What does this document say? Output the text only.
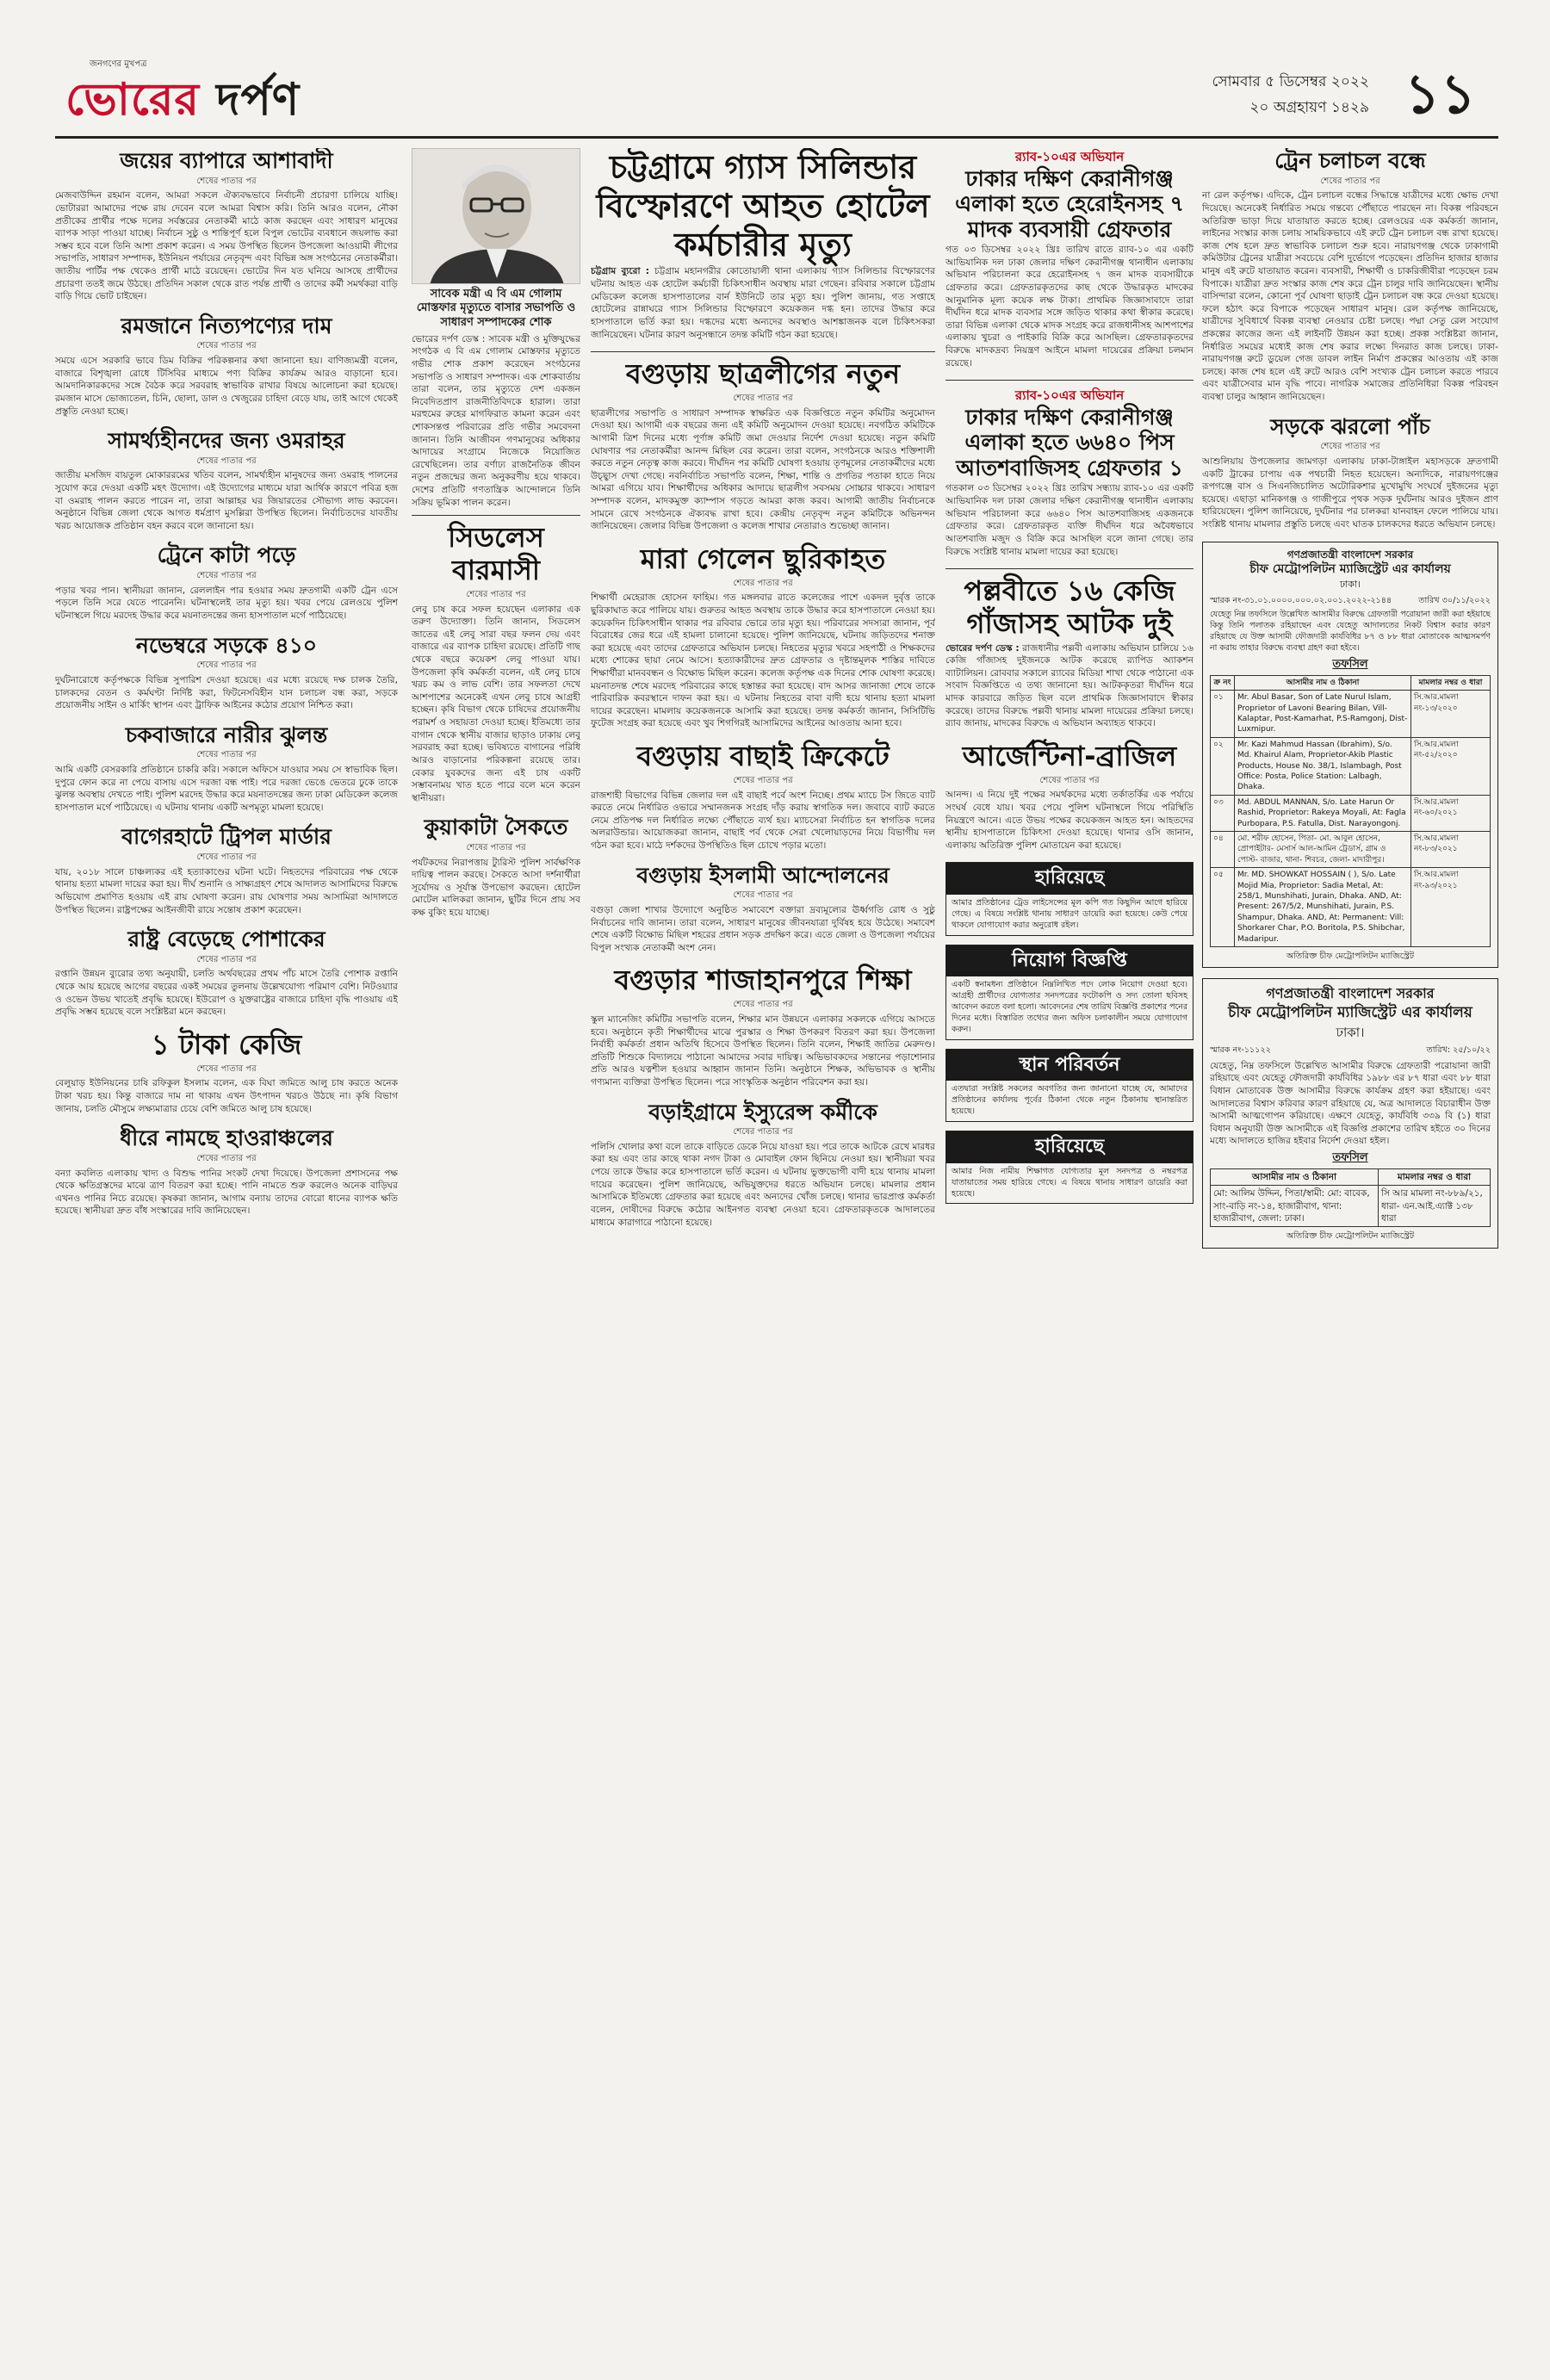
জনগণের মুখপত্র
ভোরের দর্পণ	সোমবার ৫ ডিসেম্বর ২০২২
২০ অগ্রহায়ণ ১৪২৯ ১১
জয়ের ব্যাপারে আশাবাদী
শেষের পাতার পর
মেজবাউদ্দিন রহমান বলেন, আমরা সকলে ঐক্যবদ্ধভাবে নির্বাচনী প্রচারণা চালিয়ে যাচ্ছি। ভোটাররা আমাদের পক্ষে রায় দেবেন বলে আমরা বিশ্বাস করি। তিনি আরও বলেন, নৌকা প্রতীকের প্রার্থীর পক্ষে দলের সর্বস্তরের নেতাকর্মী মাঠে কাজ করছেন এবং সাধারণ মানুষের ব্যাপক সাড়া পাওয়া যাচ্ছে। নির্বাচন সুষ্ঠু ও শান্তিপূর্ণ হলে বিপুল ভোটের ব্যবধানে জয়লাভ করা সম্ভব হবে বলে তিনি আশা প্রকাশ করেন। এ সময় উপস্থিত ছিলেন উপজেলা আওয়ামী লীগের সভাপতি, সাধারণ সম্পাদক, ইউনিয়ন পর্যায়ের নেতৃবৃন্দ এবং বিভিন্ন অঙ্গ সংগঠনের নেতাকর্মীরা। জাতীয় পার্টির পক্ষ থেকেও প্রার্থী মাঠে রয়েছেন। ভোটের দিন যত ঘনিয়ে আসছে প্রার্থীদের প্রচারণা ততই জমে উঠছে। প্রতিদিন সকাল থেকে রাত পর্যন্ত প্রার্থী ও তাদের কর্মী সমর্থকরা বাড়ি বাড়ি গিয়ে ভোট চাইছেন।
রমজানে নিত্যপণ্যের দাম
শেষের পাতার পর
সময়ে এসে সরকারি ভাবে ডিম বিক্রির পরিকল্পনার কথা জানানো হয়। বাণিজ্যমন্ত্রী বলেন, বাজারে বিশৃঙ্খলা রোধে টিসিবির মাধ্যমে পণ্য বিক্রির কার্যক্রম আরও বাড়ানো হবে। আমদানিকারকদের সঙ্গে বৈঠক করে সরবরাহ স্বাভাবিক রাখার বিষয়ে আলোচনা করা হয়েছে। রমজান মাসে ভোজ্যতেল, চিনি, ছোলা, ডাল ও খেজুরের চাহিদা বেড়ে যায়, তাই আগে থেকেই প্রস্তুতি নেওয়া হচ্ছে।
সামর্থ্যহীনদের জন্য ওমরাহর
শেষের পাতার পর
জাতীয় মসজিদ বায়তুল মোকাররমের খতিব বলেন, সামর্থ্যহীন মানুষদের জন্য ওমরাহ পালনের সুযোগ করে দেওয়া একটি মহৎ উদ্যোগ। এই উদ্যোগের মাধ্যমে যারা আর্থিক কারণে পবিত্র হজ বা ওমরাহ পালন করতে পারেন না, তারা আল্লাহর ঘর জিয়ারতের সৌভাগ্য লাভ করবেন। অনুষ্ঠানে বিভিন্ন জেলা থেকে আগত ধর্মপ্রাণ মুসল্লিরা উপস্থিত ছিলেন। নির্বাচিতদের যাবতীয় খরচ আয়োজক প্রতিষ্ঠান বহন করবে বলে জানানো হয়।
ট্রেনে কাটা পড়ে
শেষের পাতার পর
পড়ার খবর পান। স্থানীয়রা জানান, রেললাইন পার হওয়ার সময় দ্রুতগামী একটি ট্রেন এসে পড়লে তিনি সরে যেতে পারেননি। ঘটনাস্থলেই তার মৃত্যু হয়। খবর পেয়ে রেলওয়ে পুলিশ ঘটনাস্থলে গিয়ে মরদেহ উদ্ধার করে ময়নাতদন্তের জন্য হাসপাতাল মর্গে পাঠিয়েছে।
নভেম্বরে সড়কে ৪১০
শেষের পাতার পর
দুর্ঘটনারোধে কর্তৃপক্ষকে বিভিন্ন সুপারিশ দেওয়া হয়েছে। এর মধ্যে রয়েছে দক্ষ চালক তৈরি, চালকদের বেতন ও কর্মঘণ্টা নির্দিষ্ট করা, ফিটনেসবিহীন যান চলাচল বন্ধ করা, সড়কে প্রয়োজনীয় সাইন ও মার্কিং স্থাপন এবং ট্রাফিক আইনের কঠোর প্রয়োগ নিশ্চিত করা।
চকবাজারে নারীর ঝুলন্ত
শেষের পাতার পর
আমি একটি বেসরকারি প্রতিষ্ঠানে চাকরি করি। সকালে অফিসে যাওয়ার সময় সে স্বাভাবিক ছিল। দুপুরে ফোন করে না পেয়ে বাসায় এসে দরজা বন্ধ পাই। পরে দরজা ভেঙে ভেতরে ঢুকে তাকে ঝুলন্ত অবস্থায় দেখতে পাই। পুলিশ মরদেহ উদ্ধার করে ময়নাতদন্তের জন্য ঢাকা মেডিকেল কলেজ হাসপাতাল মর্গে পাঠিয়েছে। এ ঘটনায় থানায় একটি অপমৃত্যু মামলা হয়েছে।
বাগেরহাটে ট্রিপল মার্ডার
শেষের পাতার পর
যায়, ২০১৮ সালে চাঞ্চল্যকর এই হত্যাকাণ্ডের ঘটনা ঘটে। নিহতদের পরিবারের পক্ষ থেকে থানায় হত্যা মামলা দায়ের করা হয়। দীর্ঘ শুনানি ও সাক্ষ্যগ্রহণ শেষে আদালত আসামিদের বিরুদ্ধে অভিযোগ প্রমাণিত হওয়ায় এই রায় ঘোষণা করেন। রায় ঘোষণার সময় আসামিরা আদালতে উপস্থিত ছিলেন। রাষ্ট্রপক্ষের আইনজীবী রায়ে সন্তোষ প্রকাশ করেছেন।
রাষ্ট্র বেড়েছে পোশাকের
শেষের পাতার পর
রপ্তানি উন্নয়ন ব্যুরোর তথ্য অনুযায়ী, চলতি অর্থবছরের প্রথম পাঁচ মাসে তৈরি পোশাক রপ্তানি থেকে আয় হয়েছে আগের বছরের একই সময়ের তুলনায় উল্লেখযোগ্য পরিমাণ বেশি। নিটওয়্যার ও ওভেন উভয় খাতেই প্রবৃদ্ধি হয়েছে। ইউরোপ ও যুক্তরাষ্ট্রের বাজারে চাহিদা বৃদ্ধি পাওয়ায় এই প্রবৃদ্ধি সম্ভব হয়েছে বলে সংশ্লিষ্টরা মনে করছেন।
১ টাকা কেজি
শেষের পাতার পর
বেলুয়াড় ইউনিয়নের চাষি রফিকুল ইসলাম বলেন, এক বিঘা জমিতে আলু চাষ করতে অনেক টাকা খরচ হয়। কিন্তু বাজারে দাম না থাকায় এখন উৎপাদন খরচও উঠছে না। কৃষি বিভাগ জানায়, চলতি মৌসুমে লক্ষ্যমাত্রার চেয়ে বেশি জমিতে আলু চাষ হয়েছে।
ধীরে নামছে হাওরাঞ্চলের
শেষের পাতার পর
বন্যা কবলিত এলাকায় খাদ্য ও বিশুদ্ধ পানির সংকট দেখা দিয়েছে। উপজেলা প্রশাসনের পক্ষ থেকে ক্ষতিগ্রস্তদের মাঝে ত্রাণ বিতরণ করা হচ্ছে। পানি নামতে শুরু করলেও অনেক বাড়িঘর এখনও পানির নিচে রয়েছে। কৃষকরা জানান, আগাম বন্যায় তাদের বোরো ধানের ব্যাপক ক্ষতি হয়েছে। স্থানীয়রা দ্রুত বাঁধ সংস্কারের দাবি জানিয়েছেন।
সাবেক মন্ত্রী এ বি এম গোলাম মোস্তফার মৃত্যুতে বাসার সভাপতি ও সাধারণ সম্পাদকের শোক
ভোরের দর্পণ ডেস্ক : সাবেক মন্ত্রী ও মুক্তিযুদ্ধের সংগঠক এ বি এম গোলাম মোস্তফার মৃত্যুতে গভীর শোক প্রকাশ করেছেন সংগঠনের সভাপতি ও সাধারণ সম্পাদক। এক শোকবার্তায় তারা বলেন, তার মৃত্যুতে দেশ একজন নিবেদিতপ্রাণ রাজনীতিবিদকে হারাল। তারা মরহুমের রুহের মাগফিরাত কামনা করেন এবং শোকসন্তপ্ত পরিবারের প্রতি গভীর সমবেদনা জানান। তিনি আজীবন গণমানুষের অধিকার আদায়ের সংগ্রামে নিজেকে নিয়োজিত রেখেছিলেন। তার বর্ণাঢ্য রাজনৈতিক জীবন নতুন প্রজন্মের জন্য অনুকরণীয় হয়ে থাকবে। দেশের প্রতিটি গণতান্ত্রিক আন্দোলনে তিনি সক্রিয় ভূমিকা পালন করেন।
সিডলেস বারমাসী
শেষের পাতার পর
লেবু চাষ করে সফল হয়েছেন এলাকার এক তরুণ উদ্যোক্তা। তিনি জানান, সিডলেস জাতের এই লেবু সারা বছর ফলন দেয় এবং বাজারে এর ব্যাপক চাহিদা রয়েছে। প্রতিটি গাছ থেকে বছরে কয়েকশ লেবু পাওয়া যায়। উপজেলা কৃষি কর্মকর্তা বলেন, এই লেবু চাষে খরচ কম ও লাভ বেশি। তার সফলতা দেখে আশপাশের অনেকেই এখন লেবু চাষে আগ্রহী হচ্ছেন। কৃষি বিভাগ থেকে চাষিদের প্রয়োজনীয় পরামর্শ ও সহায়তা দেওয়া হচ্ছে। ইতিমধ্যে তার বাগান থেকে স্থানীয় বাজার ছাড়াও ঢাকায় লেবু সরবরাহ করা হচ্ছে। ভবিষ্যতে বাগানের পরিধি আরও বাড়ানোর পরিকল্পনা রয়েছে তার। বেকার যুবকদের জন্য এই চাষ একটি সম্ভাবনাময় খাত হতে পারে বলে মনে করেন স্থানীয়রা।
কুয়াকাটা সৈকতে
শেষের পাতার পর
পর্যটকদের নিরাপত্তায় ট্যুরিস্ট পুলিশ সার্বক্ষণিক দায়িত্ব পালন করছে। সৈকতে আসা দর্শনার্থীরা সূর্যোদয় ও সূর্যাস্ত উপভোগ করছেন। হোটেল মোটেল মালিকরা জানান, ছুটির দিনে প্রায় সব কক্ষ বুকিং হয়ে যাচ্ছে।
চট্টগ্রামে গ্যাস সিলিন্ডার বিস্ফোরণে আহত হোটেল কর্মচারীর মৃত্যু
চট্টগ্রাম ব্যুরো : চট্টগ্রাম মহানগরীর কোতোয়ালী থানা এলাকায় গ্যাস সিলিন্ডার বিস্ফোরণের ঘটনায় আহত এক হোটেল কর্মচারী চিকিৎসাধীন অবস্থায় মারা গেছেন। রবিবার সকালে চট্টগ্রাম মেডিকেল কলেজ হাসপাতালের বার্ন ইউনিটে তার মৃত্যু হয়। পুলিশ জানায়, গত সপ্তাহে হোটেলের রান্নাঘরে গ্যাস সিলিন্ডার বিস্ফোরণে কয়েকজন দগ্ধ হন। তাদের উদ্ধার করে হাসপাতালে ভর্তি করা হয়। দগ্ধদের মধ্যে অন্যদের অবস্থাও আশঙ্কাজনক বলে চিকিৎসকরা জানিয়েছেন। ঘটনার কারণ অনুসন্ধানে তদন্ত কমিটি গঠন করা হয়েছে।
বগুড়ায় ছাত্রলীগের নতুন
শেষের পাতার পর
ছাত্রলীগের সভাপতি ও সাধারণ সম্পাদক স্বাক্ষরিত এক বিজ্ঞপ্তিতে নতুন কমিটির অনুমোদন দেওয়া হয়। আগামী এক বছরের জন্য এই কমিটি অনুমোদন দেওয়া হয়েছে। নবগঠিত কমিটিকে আগামী ত্রিশ দিনের মধ্যে পূর্ণাঙ্গ কমিটি জমা দেওয়ার নির্দেশ দেওয়া হয়েছে। নতুন কমিটি ঘোষণার পর নেতাকর্মীরা আনন্দ মিছিল বের করেন। তারা বলেন, সংগঠনকে আরও শক্তিশালী করতে নতুন নেতৃত্ব কাজ করবে। দীর্ঘদিন পর কমিটি ঘোষণা হওয়ায় তৃণমূলের নেতাকর্মীদের মধ্যে উচ্ছ্বাস দেখা গেছে। নবনির্বাচিত সভাপতি বলেন, শিক্ষা, শান্তি ও প্রগতির পতাকা হাতে নিয়ে আমরা এগিয়ে যাব। শিক্ষার্থীদের অধিকার আদায়ে ছাত্রলীগ সবসময় সোচ্চার থাকবে। সাধারণ সম্পাদক বলেন, মাদকমুক্ত ক্যাম্পাস গড়তে আমরা কাজ করব। আগামী জাতীয় নির্বাচনকে সামনে রেখে সংগঠনকে ঐক্যবদ্ধ রাখা হবে। কেন্দ্রীয় নেতৃবৃন্দ নতুন কমিটিকে অভিনন্দন জানিয়েছেন। জেলার বিভিন্ন উপজেলা ও কলেজ শাখার নেতারাও শুভেচ্ছা জানান।
মারা গেলেন ছুরিকাহত
শেষের পাতার পর
শিক্ষার্থী মেহেরাজ হোসেন ফাহিম। গত মঙ্গলবার রাতে কলেজের পাশে একদল দুর্বৃত্ত তাকে ছুরিকাঘাত করে পালিয়ে যায়। গুরুতর আহত অবস্থায় তাকে উদ্ধার করে হাসপাতালে নেওয়া হয়। কয়েকদিন চিকিৎসাধীন থাকার পর রবিবার ভোরে তার মৃত্যু হয়। পরিবারের সদস্যরা জানান, পূর্ব বিরোধের জের ধরে এই হামলা চালানো হয়েছে। পুলিশ জানিয়েছে, ঘটনায় জড়িতদের শনাক্ত করা হয়েছে এবং তাদের গ্রেফতারে অভিযান চলছে। নিহতের মৃত্যুর খবরে সহপাঠী ও শিক্ষকদের মধ্যে শোকের ছায়া নেমে আসে। হত্যাকারীদের দ্রুত গ্রেফতার ও দৃষ্টান্তমূলক শাস্তির দাবিতে শিক্ষার্থীরা মানববন্ধন ও বিক্ষোভ মিছিল করেন। কলেজ কর্তৃপক্ষ এক দিনের শোক ঘোষণা করেছে। ময়নাতদন্ত শেষে মরদেহ পরিবারের কাছে হস্তান্তর করা হয়েছে। বাদ আসর জানাজা শেষে তাকে পারিবারিক কবরস্থানে দাফন করা হয়। এ ঘটনায় নিহতের বাবা বাদী হয়ে থানায় হত্যা মামলা দায়ের করেছেন। মামলায় কয়েকজনকে আসামি করা হয়েছে। তদন্ত কর্মকর্তা জানান, সিসিটিভি ফুটেজ সংগ্রহ করা হয়েছে এবং খুব শিগগিরই আসামিদের আইনের আওতায় আনা হবে।
বগুড়ায় বাছাই ক্রিকেটে
শেষের পাতার পর
রাজশাহী বিভাগের বিভিন্ন জেলার দল এই বাছাই পর্বে অংশ নিচ্ছে। প্রথম ম্যাচে টস জিতে ব্যাট করতে নেমে নির্ধারিত ওভারে সম্মানজনক সংগ্রহ দাঁড় করায় স্বাগতিক দল। জবাবে ব্যাট করতে নেমে প্রতিপক্ষ দল নির্ধারিত লক্ষ্যে পৌঁছাতে ব্যর্থ হয়। ম্যাচসেরা নির্বাচিত হন স্বাগতিক দলের অলরাউন্ডার। আয়োজকরা জানান, বাছাই পর্ব থেকে সেরা খেলোয়াড়দের নিয়ে বিভাগীয় দল গঠন করা হবে। মাঠে দর্শকদের উপস্থিতিও ছিল চোখে পড়ার মতো।
বগুড়ায় ইসলামী আন্দোলনের
শেষের পাতার পর
বগুড়া জেলা শাখার উদ্যোগে অনুষ্ঠিত সমাবেশে বক্তারা দ্রব্যমূল্যের ঊর্ধ্বগতি রোধ ও সুষ্ঠু নির্বাচনের দাবি জানান। তারা বলেন, সাধারণ মানুষের জীবনযাত্রা দুর্বিষহ হয়ে উঠেছে। সমাবেশ শেষে একটি বিক্ষোভ মিছিল শহরের প্রধান সড়ক প্রদক্ষিণ করে। এতে জেলা ও উপজেলা পর্যায়ের বিপুল সংখ্যক নেতাকর্মী অংশ নেন।
বগুড়ার শাজাহানপুরে শিক্ষা
শেষের পাতার পর
স্কুল ম্যানেজিং কমিটির সভাপতি বলেন, শিক্ষার মান উন্নয়নে এলাকার সকলকে এগিয়ে আসতে হবে। অনুষ্ঠানে কৃতী শিক্ষার্থীদের মাঝে পুরস্কার ও শিক্ষা উপকরণ বিতরণ করা হয়। উপজেলা নির্বাহী কর্মকর্তা প্রধান অতিথি হিসেবে উপস্থিত ছিলেন। তিনি বলেন, শিক্ষাই জাতির মেরুদণ্ড। প্রতিটি শিশুকে বিদ্যালয়ে পাঠানো আমাদের সবার দায়িত্ব। অভিভাবকদের সন্তানের পড়াশোনার প্রতি আরও যত্নশীল হওয়ার আহ্বান জানান তিনি। অনুষ্ঠানে শিক্ষক, অভিভাবক ও স্থানীয় গণ্যমান্য ব্যক্তিরা উপস্থিত ছিলেন। পরে সাংস্কৃতিক অনুষ্ঠান পরিবেশন করা হয়।
বড়াইগ্রামে ইস্যুরেন্স কর্মীকে
শেষের পাতার পর
পলিসি খোলার কথা বলে তাকে বাড়িতে ডেকে নিয়ে যাওয়া হয়। পরে তাকে আটকে রেখে মারধর করা হয় এবং তার কাছে থাকা নগদ টাকা ও মোবাইল ফোন ছিনিয়ে নেওয়া হয়। স্থানীয়রা খবর পেয়ে তাকে উদ্ধার করে হাসপাতালে ভর্তি করেন। এ ঘটনায় ভুক্তভোগী বাদী হয়ে থানায় মামলা দায়ের করেছেন। পুলিশ জানিয়েছে, অভিযুক্তদের ধরতে অভিযান চলছে। মামলার প্রধান আসামিকে ইতিমধ্যে গ্রেফতার করা হয়েছে এবং অন্যদের খোঁজ চলছে। থানার ভারপ্রাপ্ত কর্মকর্তা বলেন, দোষীদের বিরুদ্ধে কঠোর আইনগত ব্যবস্থা নেওয়া হবে। গ্রেফতারকৃতকে আদালতের মাধ্যমে কারাগারে পাঠানো হয়েছে।
র‍্যাব-১০এর অভিযান
ঢাকার দক্ষিণ কেরানীগঞ্জ এলাকা হতে হেরোইনসহ ৭ মাদক ব্যবসায়ী গ্রেফতার
গত ০৩ ডিসেম্বর ২০২২ খ্রিঃ তারিখ রাতে র‍্যাব-১০ এর একটি আভিযানিক দল ঢাকা জেলার দক্ষিণ কেরানীগঞ্জ থানাধীন এলাকায় অভিযান পরিচালনা করে হেরোইনসহ ৭ জন মাদক ব্যবসায়ীকে গ্রেফতার করে। গ্রেফতারকৃতদের কাছ থেকে উদ্ধারকৃত মাদকের আনুমানিক মূল্য কয়েক লক্ষ টাকা। প্রাথমিক জিজ্ঞাসাবাদে তারা দীর্ঘদিন ধরে মাদক ব্যবসার সঙ্গে জড়িত থাকার কথা স্বীকার করেছে। তারা বিভিন্ন এলাকা থেকে মাদক সংগ্রহ করে রাজধানীসহ আশপাশের এলাকায় খুচরা ও পাইকারি বিক্রি করে আসছিল। গ্রেফতারকৃতদের বিরুদ্ধে মাদকদ্রব্য নিয়ন্ত্রণ আইনে মামলা দায়েরের প্রক্রিয়া চলমান রয়েছে।
র‍্যাব-১০এর অভিযান
ঢাকার দক্ষিণ কেরানীগঞ্জ এলাকা হতে ৬৬৪০ পিস আতশবাজিসহ গ্রেফতার ১
গতকাল ০৩ ডিসেম্বর ২০২২ খ্রিঃ তারিখ সন্ধ্যায় র‍্যাব-১০ এর একটি আভিযানিক দল ঢাকা জেলার দক্ষিণ কেরানীগঞ্জ থানাধীন এলাকায় অভিযান পরিচালনা করে ৬৬৪০ পিস আতশবাজিসহ একজনকে গ্রেফতার করে। গ্রেফতারকৃত ব্যক্তি দীর্ঘদিন ধরে অবৈধভাবে আতশবাজি মজুদ ও বিক্রি করে আসছিল বলে জানা গেছে। তার বিরুদ্ধে সংশ্লিষ্ট থানায় মামলা দায়ের করা হয়েছে।
পল্লবীতে ১৬ কেজি গাঁজাসহ আটক দুই
ভোরের দর্পণ ডেস্ক : রাজধানীর পল্লবী এলাকায় অভিযান চালিয়ে ১৬ কেজি গাঁজাসহ দুইজনকে আটক করেছে র‍্যাপিড অ্যাকশন ব্যাটালিয়ন। রোববার সকালে র‍্যাবের মিডিয়া শাখা থেকে পাঠানো এক সংবাদ বিজ্ঞপ্তিতে এ তথ্য জানানো হয়। আটককৃতরা দীর্ঘদিন ধরে মাদক কারবারে জড়িত ছিল বলে প্রাথমিক জিজ্ঞাসাবাদে স্বীকার করেছে। তাদের বিরুদ্ধে পল্লবী থানায় মামলা দায়েরের প্রক্রিয়া চলছে। র‍্যাব জানায়, মাদকের বিরুদ্ধে এ অভিযান অব্যাহত থাকবে।
আর্জেন্টিনা-ব্রাজিল
শেষের পাতার পর
আনন্দ। এ নিয়ে দুই পক্ষের সমর্থকদের মধ্যে তর্কাতর্কির এক পর্যায়ে সংঘর্ষ বেধে যায়। খবর পেয়ে পুলিশ ঘটনাস্থলে গিয়ে পরিস্থিতি নিয়ন্ত্রণে আনে। এতে উভয় পক্ষের কয়েকজন আহত হন। আহতদের স্থানীয় হাসপাতালে চিকিৎসা দেওয়া হয়েছে। থানার ওসি জানান, এলাকায় অতিরিক্ত পুলিশ মোতায়েন করা হয়েছে।
হারিয়েছে
আমার প্রতিষ্ঠানের ট্রেড লাইসেন্সের মূল কপি গত কিছুদিন আগে হারিয়ে গেছে। এ বিষয়ে সংশ্লিষ্ট থানায় সাধারণ ডায়েরি করা হয়েছে। কেউ পেয়ে থাকলে যোগাযোগ করার অনুরোধ রইল।
নিয়োগ বিজ্ঞপ্তি
একটি স্বনামধন্য প্রতিষ্ঠানে নিম্নলিখিত পদে লোক নিয়োগ দেওয়া হবে। আগ্রহী প্রার্থীদের যোগ্যতার সনদপত্রের ফটোকপি ও সদ্য তোলা ছবিসহ আবেদন করতে বলা হলো। আবেদনের শেষ তারিখ বিজ্ঞপ্তি প্রকাশের পনের দিনের মধ্যে। বিস্তারিত তথ্যের জন্য অফিস চলাকালীন সময়ে যোগাযোগ করুন।
স্থান পরিবর্তন
এতদ্বারা সংশ্লিষ্ট সকলের অবগতির জন্য জানানো যাচ্ছে যে, আমাদের প্রতিষ্ঠানের কার্যালয় পূর্বের ঠিকানা থেকে নতুন ঠিকানায় স্থানান্তরিত হয়েছে।
হারিয়েছে
আমার নিজ নামীয় শিক্ষাগত যোগ্যতার মূল সনদপত্র ও নম্বরপত্র যাতায়াতের সময় হারিয়ে গেছে। এ বিষয়ে থানায় সাধারণ ডায়েরি করা হয়েছে।
ট্রেন চলাচল বন্ধে
শেষের পাতার পর
না রেল কর্তৃপক্ষ। এদিকে, ট্রেন চলাচল বন্ধের সিদ্ধান্তে যাত্রীদের মধ্যে ক্ষোভ দেখা দিয়েছে। অনেকেই নির্ধারিত সময়ে গন্তব্যে পৌঁছাতে পারছেন না। বিকল্প পরিবহনে অতিরিক্ত ভাড়া দিয়ে যাতায়াত করতে হচ্ছে। রেলওয়ের এক কর্মকর্তা জানান, লাইনের সংস্কার কাজ চলায় সাময়িকভাবে এই রুটে ট্রেন চলাচল বন্ধ রাখা হয়েছে। কাজ শেষ হলে দ্রুত স্বাভাবিক চলাচল শুরু হবে। নারায়ণগঞ্জ থেকে ঢাকাগামী কমিউটার ট্রেনের যাত্রীরা সবচেয়ে বেশি দুর্ভোগে পড়েছেন। প্রতিদিন হাজার হাজার মানুষ এই রুটে যাতায়াত করেন। ব্যবসায়ী, শিক্ষার্থী ও চাকরিজীবীরা পড়েছেন চরম বিপাকে। যাত্রীরা দ্রুত সংস্কার কাজ শেষ করে ট্রেন চালুর দাবি জানিয়েছেন। স্থানীয় বাসিন্দারা বলেন, কোনো পূর্ব ঘোষণা ছাড়াই ট্রেন চলাচল বন্ধ করে দেওয়া হয়েছে। ফলে হঠাৎ করে বিপাকে পড়েছেন সাধারণ মানুষ। রেল কর্তৃপক্ষ জানিয়েছে, যাত্রীদের সুবিধার্থে বিকল্প ব্যবস্থা নেওয়ার চেষ্টা চলছে। পদ্মা সেতু রেল সংযোগ প্রকল্পের কাজের জন্য এই লাইনটি উন্নয়ন করা হচ্ছে। প্রকল্প সংশ্লিষ্টরা জানান, নির্ধারিত সময়ের মধ্যেই কাজ শেষ করার লক্ষ্যে দিনরাত কাজ চলছে। ঢাকা-নারায়ণগঞ্জ রুটে ডুয়েল গেজ ডাবল লাইন নির্মাণ প্রকল্পের আওতায় এই কাজ চলছে। কাজ শেষ হলে এই রুটে আরও বেশি সংখ্যক ট্রেন চলাচল করতে পারবে এবং যাত্রীসেবার মান বৃদ্ধি পাবে। নাগরিক সমাজের প্রতিনিধিরা বিকল্প পরিবহন ব্যবস্থা চালুর আহ্বান জানিয়েছেন।
সড়কে ঝরলো পাঁচ
শেষের পাতার পর
আশুলিয়ায় উপজেলার জামগড়া এলাকায় ঢাকা-টাঙ্গাইল মহাসড়কে দ্রুতগামী একটি ট্রাকের চাপায় এক পথচারী নিহত হয়েছেন। অন্যদিকে, নারায়ণগঞ্জের রূপগঞ্জে বাস ও সিএনজিচালিত অটোরিকশার মুখোমুখি সংঘর্ষে দুইজনের মৃত্যু হয়েছে। এছাড়া মানিকগঞ্জ ও গাজীপুরে পৃথক সড়ক দুর্ঘটনায় আরও দুইজন প্রাণ হারিয়েছেন। পুলিশ জানিয়েছে, দুর্ঘটনার পর চালকরা যানবাহন ফেলে পালিয়ে যায়। সংশ্লিষ্ট থানায় মামলার প্রস্তুতি চলছে এবং ঘাতক চালকদের ধরতে অভিযান চলছে।
গণপ্রজাতন্ত্রী বাংলাদেশ সরকার
চীফ মেট্রোপলিটন ম্যাজিস্ট্রেট এর কার্যালয়
ঢাকা।
স্মারক নং-৩১.০১.০০০০.০০০.০২.০০১.২০২২-২১৪৪	তারিখ ৩০/১১/২০২২
যেহেতু নিম্ন তফসিলে উল্লেখিত আসামীর বিরুদ্ধে গ্রেফতারী পরোয়ানা জারী করা হইয়াছে কিন্তু তিনি পলাতক রহিয়াছেন এবং যেহেতু আদালতের নিকট বিশ্বাস করার কারণ রহিয়াছে যে উক্ত আসামী ফৌজদারী কার্যবিধির ৮৭ ও ৮৮ ধারা মোতাবেক আত্মসমর্পণ না করায় তাহার বিরুদ্ধে ব্যবস্থা গ্রহণ করা হইবে।
তফসিল
ক্র নং	আসামীর নাম ও ঠিকানা	মামলার নম্বর ও ধারা
০১	Mr. Abul Basar, Son of Late Nurul Islam, Proprietor of Lavoni Bearing Bilan, Vill- Kalaptar, Post-Kamarhat, P.S-Ramgonj, Dist-Luxmipur.	সি.আর.মামলা নং-১৩/২০২০
০২	Mr. Kazi Mahmud Hassan (Ibrahim), S/o. Md. Khairul Alam, Proprietor-Akib Plastic Products, House No. 38/1, Islambagh, Post Office: Posta, Police Station: Lalbagh, Dhaka.	সি.আর.মামলা নং-৫২/২০২০
০৩	Md. ABDUL MANNAN, S/o. Late Harun Or Rashid, Proprietor: Rakeya Moyali, At: Fagla Purbopara, P.S. Fatulla, Dist. Narayongonj.	সি.আর.মামলা নং-৬০/২০২১
০৪	মো. শরীফ হোসেন, পিতা- মো. আবুল হোসেন, প্রোপাইটার- মেসার্স আল-আমিন ট্রেডার্স, গ্রাম ও পোস্ট- বাজার, থানা- শিবচর, জেলা- মাদারীপুর।	সি.আর.মামলা নং-৮৩/২০২১
০৫	Mr. MD. SHOWKAT HOSSAIN ( ), S/o. Late Mojid Mia, Proprietor: Sadia Metal, At: 258/1, Munshihati, Jurain, Dhaka. AND, At: Present: 267/5/2, Munshihati, Jurain, P.S. Shampur, Dhaka. AND, At: Permanent: Vill: Shorkarer Char, P.O. Boritola, P.S. Shibchar, Madaripur.	সি.আর.মামলা নং-৯৩/২০২১
অতিরিক্ত চীফ মেট্রোপলিটন ম্যাজিস্ট্রেট
গণপ্রজাতন্ত্রী বাংলাদেশ সরকার
চীফ মেট্রোপলিটন ম্যাজিস্ট্রেট এর কার্যালয়
ঢাকা।
স্মারক নং-১১১২২	তারিখ: ২৫/১০/২২
যেহেতু, নিম্ন তফসিলে উল্লেখিত আসামীর বিরুদ্ধে গ্রেফতারী পরোয়ানা জারী রহিয়াছে এবং যেহেতু ফৌজদারী কার্যবিধির ১৯৮৮ এর ৮৭ ধারা এবং ৮৮ ধারা বিধান মোতাবেক উক্ত আসামীর বিরুদ্ধে কার্যক্রম গ্রহণ করা হইয়াছে। এবং আদালতের বিশ্বাস করিবার কারণ রহিয়াছে যে, অত্র আদালতে বিচারাধীন উক্ত আসামী আত্মগোপন করিয়াছে। এক্ষণে যেহেতু, কার্যবিধি ৩৩৯ বি (১) ধারা বিধান অনুযায়ী উক্ত আসামীকে এই বিজ্ঞপ্তি প্রকাশের তারিখ হইতে ৩০ দিনের মধ্যে আদালতে হাজির হইবার নির্দেশ দেওয়া হইল।
তফসিল
আসামীর নাম ও ঠিকানা	মামলার নম্বর ও ধারা
মো: আলিম উদ্দিন, পিতা/স্বামী: মো: বাবেক, সাং-বাড়ি নং-১৪, হাজারীবাগ, থানা: হাজারীবাগ, জেলা: ঢাকা।	সি আর মামলা নং-৮৮৯/২১, ধারা- এন.আই.এ্যাক্ট ১৩৮ ধারা
অতিরিক্ত চীফ মেট্রোপলিটন ম্যাজিস্ট্রেট
